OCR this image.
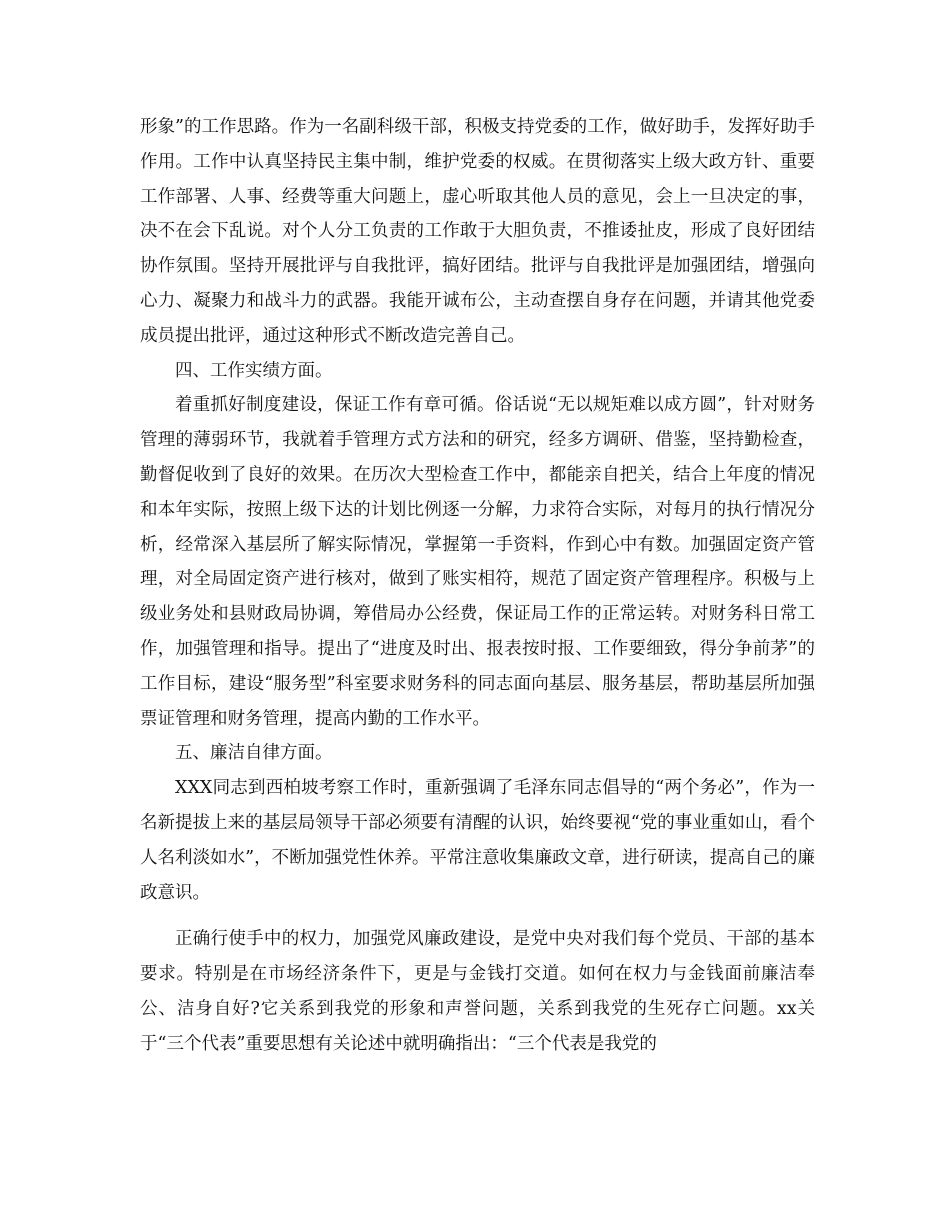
形象”的工作思路。作为一名副科级干部，积极支持党委的工作，做好助手，发挥好助手作用。工作中认真坚持民主集中制，维护党委的权威。在贯彻落实上级大政方针、重要工作部署、人事、经费等重大问题上，虚心听取其他人员的意见，会上一旦决定的事，决不在会下乱说。对个人分工负责的工作敢于大胆负责，不推诿扯皮，形成了良好团结协作氛围。坚持开展批评与自我批评，搞好团结。批评与自我批评是加强团结，增强向心力、凝聚力和战斗力的武器。我能开诚布公，主动查摆自身存在问题，并请其他党委成员提出批评，通过这种形式不断改造完善自己。

四、工作实绩方面。

着重抓好制度建设，保证工作有章可循。俗话说“无以规矩难以成方圆”，针对财务管理的薄弱环节，我就着手管理方式方法和的研究，经多方调研、借鉴，坚持勤检查，勤督促收到了良好的效果。在历次大型检查工作中，都能亲自把关，结合上年度的情况和本年实际，按照上级下达的计划比例逐一分解，力求符合实际，对每月的执行情况分析，经常深入基层所了解实际情况，掌握第一手资料，作到心中有数。加强固定资产管理，对全局固定资产进行核对，做到了账实相符，规范了固定资产管理程序。积极与上级业务处和县财政局协调，筹借局办公经费，保证局工作的正常运转。对财务科日常工作，加强管理和指导。提出了“进度及时出、报表按时报、工作要细致，得分争前茅”的工作目标，建设“服务型”科室要求财务科的同志面向基层、服务基层，帮助基层所加强票证管理和财务管理，提高内勤的工作水平。

五、廉洁自律方面。

XXX同志到西柏坡考察工作时，重新强调了毛泽东同志倡导的“两个务必”，作为一名新提拔上来的基层局领导干部必须要有清醒的认识，始终要视“党的事业重如山，看个人名利淡如水”，不断加强党性休养。平常注意收集廉政文章，进行研读，提高自己的廉政意识。

正确行使手中的权力，加强党风廉政建设，是党中央对我们每个党员、干部的基本要求。特别是在市场经济条件下，更是与金钱打交道。如何在权力与金钱面前廉洁奉公、洁身自好?它关系到我党的形象和声誉问题，关系到我党的生死存亡问题。xx关于“三个代表”重要思想有关论述中就明确指出：“三个代表是我党的
